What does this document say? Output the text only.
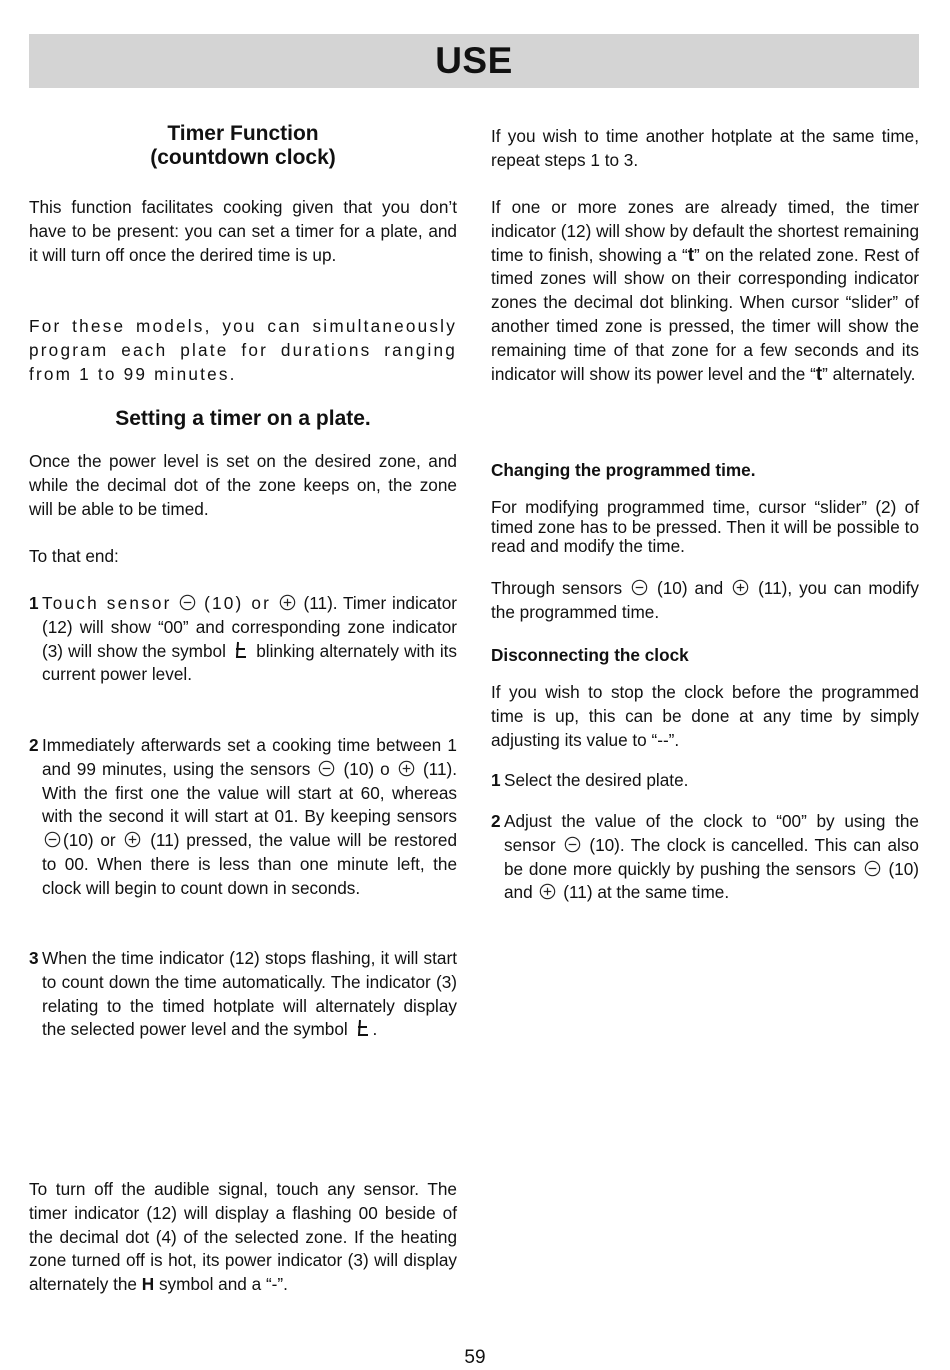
USE

Timer Function

(countdown clock)

This function facilitates cooking given that you don’t have to be present: you can set a timer for a plate, and it will turn off once the derired time is up.

For these models, you can simultaneously program each plate for durations ranging from 1 to 99 minutes.

Setting a timer on a plate.

Once the power level is set on the desired zone, and while the decimal dot of the zone keeps on, the zone will be able to be timed.

To that end:

1 Touch sensor (10) or (11). Timer indicator (12) will show “00” and corresponding zone indicator (3) will show the symbol blinking alternately with its current power level.

2 Immediately afterwards set a cooking time between 1 and 99 minutes, using the sensors (10) o (11). With the first one the value will start at 60, whereas with the second it will start at 01. By keeping sensors
(10) or (11) pressed, the value will be restored to 00. When there is less than one minute left, the clock will begin to count down in seconds.

3 When the time indicator (12) stops flashing, it will start to count down the time automatically. The indicator (3) relating to the timed hotplate will alternately display the selected power level and the symbol .

To turn off the audible signal, touch any sensor. The timer indicator (12) will display a flashing 00 beside of the decimal dot (4) of the selected zone. If the heating zone turned off is hot, its power indicator (3) will display alternately the H symbol and a “-”.

If you wish to time another hotplate at the same time, repeat steps 1 to 3.

If one or more zones are already timed, the timer indicator (12) will show by default the shortest remaining time to finish, showing a “t” on the related zone. Rest of timed zones will show on their corresponding indicator zones the decimal dot blinking. When cursor “slider” of another timed zone is pressed, the timer will show the remaining time of that zone for a few seconds and its indicator will show its power level and the “t” alternately.

Changing the programmed time.

For modifying programmed time, cursor “slider” (2) of timed zone has to be pressed. Then it will be possible to read and modify the time.

Through sensors (10) and (11), you can modify the programmed time.

Disconnecting the clock

If you wish to stop the clock before the programmed time is up, this can be done at any time by simply adjusting its value to “--”.

1 Select the desired plate.

2 Adjust the value of the clock to “00” by using the sensor (10). The clock is cancelled. This can also be done more quickly by pushing the sensors (10) and (11) at the same time.

59
